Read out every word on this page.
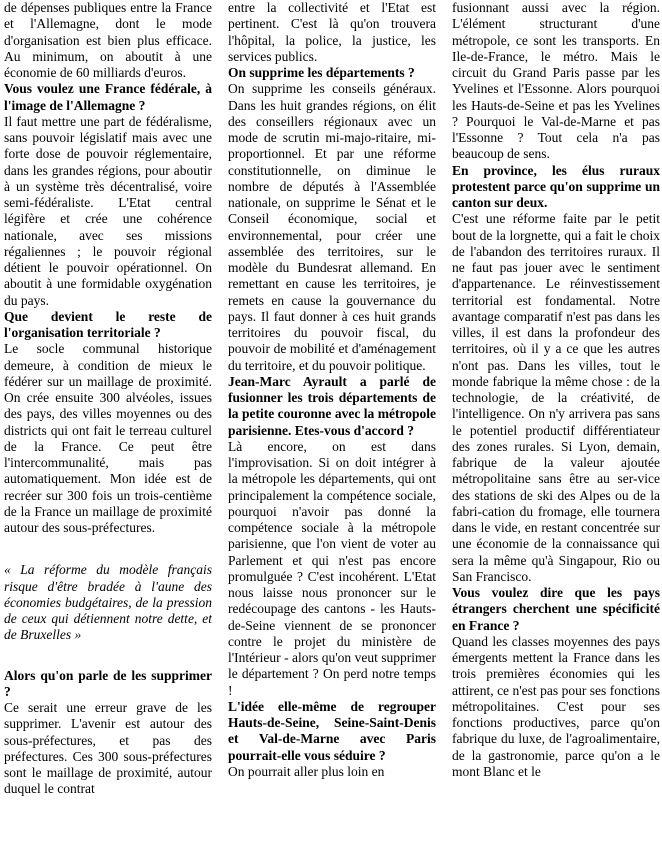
de dépenses publiques entre la France et l'Allemagne, dont le mode d'organisation est bien plus efficace. Au minimum, on aboutit à une économie de 60 milliards d'euros.

Vous voulez une France fédérale, à l'image de l'Allemagne ?

Il faut mettre une part de fédéralisme, sans pouvoir législatif mais avec une forte dose de pouvoir réglementaire, dans les grandes régions, pour aboutir à un système très décentralisé, voire semi-fédéraliste. L'Etat central légifère et crée une cohérence nationale, avec ses missions régaliennes ; le pouvoir régional détient le pouvoir opérationnel. On aboutit à une formidable oxygénation du pays.

Que devient le reste de l'organisation territoriale ?

Le socle communal historique demeure, à condition de mieux le fédérer sur un maillage de proximité. On crée ensuite 300 alvéoles, issues des pays, des villes moyennes ou des districts qui ont fait le terreau culturel de la France. Ce peut être l'intercommunalité, mais pas automatiquement. Mon idée est de recréer sur 300 fois un trois-centième de la France un maillage de proximité autour des sous-préfectures.

« La réforme du modèle français risque d'être bradée à l'aune des économies budgétaires, de la pression de ceux qui détiennent notre dette, et de Bruxelles »

Alors qu'on parle de les supprimer ?

Ce serait une erreur grave de les supprimer. L'avenir est autour des sous-préfectures, et pas des préfectures. Ces 300 sous-préfectures sont le maillage de proximité, autour duquel le contrat

entre la collectivité et l'Etat est pertinent. C'est là qu'on trouvera l'hôpital, la police, la justice, les services publics.

On supprime les départements ?

On supprime les conseils généraux. Dans les huit grandes régions, on élit des conseillers régionaux avec un mode de scrutin mi-majo-ritaire, mi-proportionnel. Et par une réforme constitutionnelle, on diminue le nombre de députés à l'Assemblée nationale, on supprime le Sénat et le Conseil économique, social et environnemental, pour créer une assemblée des territoires, sur le modèle du Bundesrat allemand. En remettant en cause les territoires, je remets en cause la gouvernance du pays. Il faut donner à ces huit grands territoires du pouvoir fiscal, du pouvoir de mobilité et d'aménagement du territoire, et du pouvoir politique.

Jean-Marc Ayrault a parlé de fusionner les trois départements de la petite couronne avec la métropole parisienne. Etes-vous d'accord ?

Là encore, on est dans l'improvisation. Si on doit intégrer à la métropole les départements, qui ont principalement la compétence sociale, pourquoi n'avoir pas donné la compétence sociale à la métropole parisienne, que l'on vient de voter au Parlement et qui n'est pas encore promulguée ? C'est incohérent. L'Etat nous laisse nous prononcer sur le redécoupage des cantons - les Hauts-de-Seine viennent de se prononcer contre le projet du ministère de l'Intérieur - alors qu'on veut supprimer le département ? On perd notre temps !

L'idée elle-même de regrouper Hauts-de-Seine, Seine-Saint-Denis et Val-de-Marne avec Paris pourrait-elle vous séduire ?

On pourrait aller plus loin en

fusionnant aussi avec la région. L'élément structurant d'une métropole, ce sont les transports. En Ile-de-France, le métro. Mais le circuit du Grand Paris passe par les Yvelines et l'Essonne. Alors pourquoi les Hauts-de-Seine et pas les Yvelines ? Pourquoi le Val-de-Marne et pas l'Essonne ? Tout cela n'a pas beaucoup de sens.

En province, les élus ruraux protestent parce qu'on supprime un canton sur deux.

C'est une réforme faite par le petit bout de la lorgnette, qui a fait le choix de l'abandon des territoires ruraux. Il ne faut pas jouer avec le sentiment d'appartenance. Le réinvestissement territorial est fondamental. Notre avantage comparatif n'est pas dans les villes, il est dans la profondeur des territoires, où il y a ce que les autres n'ont pas. Dans les villes, tout le monde fabrique la même chose : de la technologie, de la créativité, de l'intelligence. On n'y arrivera pas sans le potentiel productif différentiateur des zones rurales. Si Lyon, demain, fabrique de la valeur ajoutée métropolitaine sans être au ser-vice des stations de ski des Alpes ou de la fabri-cation du fromage, elle tournera dans le vide, en restant concentrée sur une économie de la connaissance qui sera la même qu'à Singapour, Rio ou San Francisco.

Vous voulez dire que les pays étrangers cherchent une spécificité en France ?

Quand les classes moyennes des pays émergents mettent la France dans les trois premières économies qui les attirent, ce n'est pas pour ses fonctions métropolitaines. C'est pour ses fonctions productives, parce qu'on fabrique du luxe, de l'agroalimentaire, de la gastronomie, parce qu'on a le mont Blanc et le
